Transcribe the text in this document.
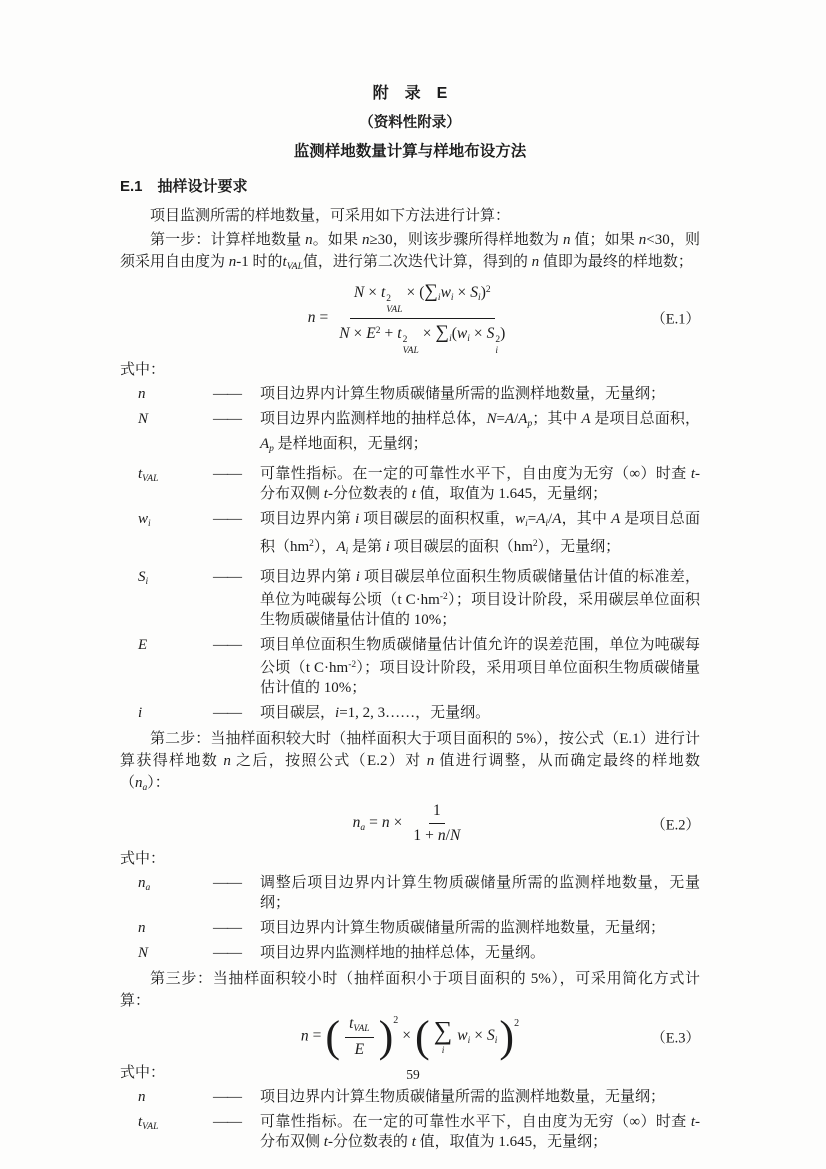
附　录　E
（资料性附录）
监测样地数量计算与样地布设方法
E.1　抽样设计要求

项目监测所需的样地数量，可采用如下方法进行计算：

第一步：计算样地数量 n。如果 n≥30，则该步骤所得样地数为 n 值；如果 n<30，则须采用自由度为 n-1 时的tVAL值，进行第二次迭代计算，得到的 n 值即为最终的样地数；

n =
N × t 2
VAL
× $(\sum iwi \times Si)^2$
$N \times E^2 + t$ 2
VAL
× ∑i(wi × S 2
i
)
（E.1）

式中：

n	——	项目边界内计算生物质碳储量所需的监测样地数量，无量纲；
N	——	项目边界内监测样地的抽样总体，N=A/Ap；其中 A 是项目总面积，Ap 是样地面积，无量纲；
tVAL	——	可靠性指标。在一定的可靠性水平下，自由度为无穷（∞）时查 t-分布双侧 t-分位数表的 t 值，取值为 1.645，无量纲；
wi	——	项目边界内第 i 项目碳层的面积权重，wi=Ai/A，其中 A 是项目总面积$(hm^2)$，Ai 是第 i 项目碳层的面积$(hm^2)$，无量纲；
Si	——	项目边界内第 i 项目碳层单位面积生物质碳储量估计值的标准差，单位为吨碳每公顷（t $C\cdot hm^{-2}$）；项目设计阶段，采用碳层单位面积生物质碳储量估计值的 10%；
E	——	项目单位面积生物质碳储量估计值允许的误差范围，单位为吨碳每公顷（t $C\cdot hm^{-2}$）；项目设计阶段，采用项目单位面积生物质碳储量估计值的 10%；
i	——	项目碳层，i=1, 2, 3……，无量纲。

第二步：当抽样面积较大时（抽样面积大于项目面积的 5%），按公式（E.1）进行计算获得样地数 n 之后，按照公式（E.2）对 n 值进行调整，从而确定最终的样地数（na）：

na = $n \times \frac{1}{1 + n/N}$	（E.2）

式中：

na	——	调整后项目边界内计算生物质碳储量所需的监测样地数量，无量纲；
n	——	项目边界内计算生物质碳储量所需的监测样地数量，无量纲；
N	——	项目边界内监测样地的抽样总体，无量纲。

第三步：当抽样面积较小时（抽样面积小于项目面积的 5%），可采用简化方式计算：

n = ( tVAL
E ) 2
× ( ∑
i
wi × Si ) 2
（E.3）

式中：

n	——	项目边界内计算生物质碳储量所需的监测样地数量，无量纲；
tVAL	——	可靠性指标。在一定的可靠性水平下，自由度为无穷（∞）时查 t-分布双侧 t-分位数表的 t 值，取值为 1.645，无量纲；
59
